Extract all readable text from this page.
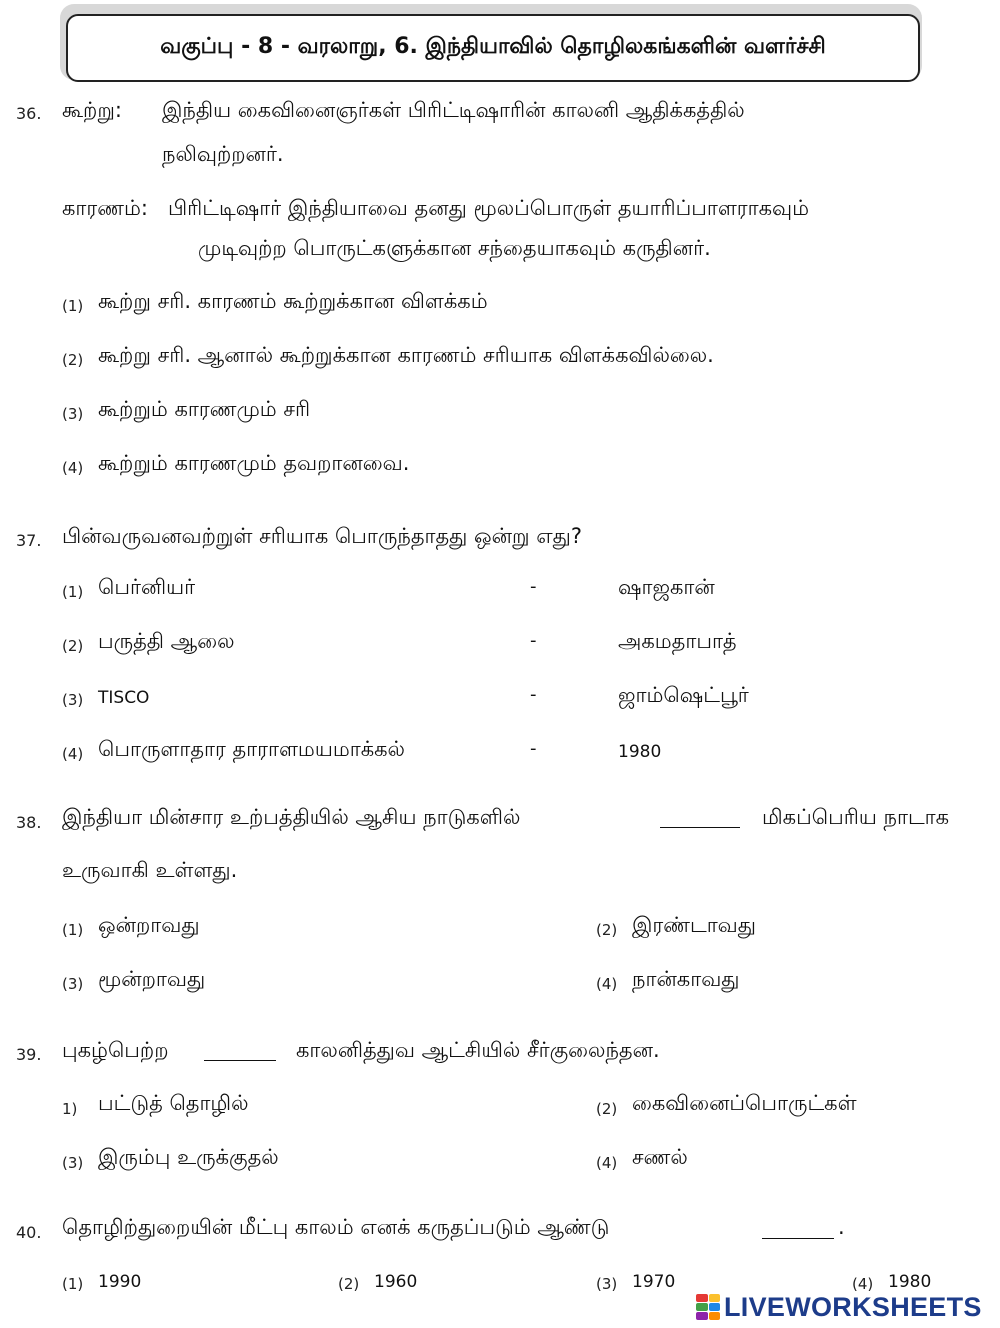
வகுப்பு - 8 - வரலாறு, 6. இந்தியாவில் தொழிலகங்களின் வளர்ச்சி
36. கூற்று: இந்திய கைவினைஞர்கள் பிரிட்டிஷாரின் காலனி ஆதிக்கத்தில்
நலிவுற்றனர்.
காரணம்: பிரிட்டிஷார் இந்தியாவை தனது மூலப்பொருள் தயாரிப்பாளராகவும்
முடிவுற்ற பொருட்களுக்கான சந்தையாகவும் கருதினர்.
(1) கூற்று சரி. காரணம் கூற்றுக்கான விளக்கம்
(2) கூற்று சரி. ஆனால் கூற்றுக்கான காரணம் சரியாக விளக்கவில்லை.
(3) கூற்றும் காரணமும் சரி
(4) கூற்றும் காரணமும் தவறானவை.
37. பின்வருவனவற்றுள் சரியாக பொருந்தாதது ஒன்று எது?
(1) பெர்னியர்	-	ஷாஜகான்
(2) பருத்தி ஆலை	-	அகமதாபாத்
(3) TISCO	-	ஜாம்ஷெட்பூர்
(4) பொருளாதார தாராளமயமாக்கல்	-	1980
38. இந்தியா மின்சார உற்பத்தியில் ஆசிய நாடுகளில்	மிகப்பெரிய நாடாக
உருவாகி உள்ளது.
(1) ஒன்றாவது	(2) இரண்டாவது
(3) மூன்றாவது	(4) நான்காவது
39. புகழ்பெற்ற	காலனித்துவ ஆட்சியில் சீர்குலைந்தன.
1) பட்டுத் தொழில்	(2) கைவினைப்பொருட்கள்
(3) இரும்பு உருக்குதல்	(4) சணல்
40. தொழிற்துறையின் மீட்பு காலம் எனக் கருதப்படும் ஆண்டு	.
(1) 1990	(2) 1960	(3) 1970	(4) 1980
LIVEWORKSHEETS
